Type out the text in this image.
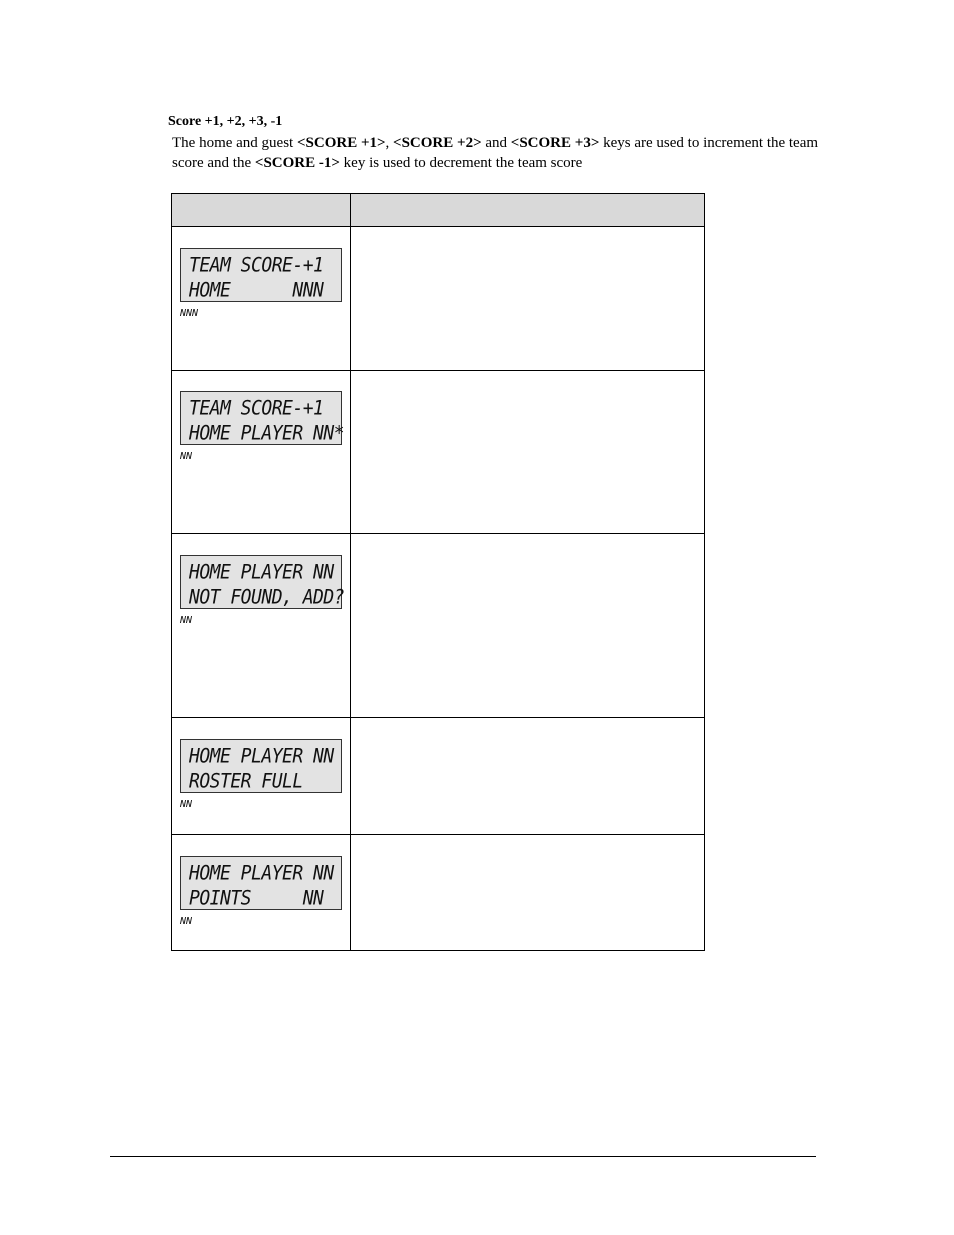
Score +1, +2, +3, -1
The home and guest <SCORE +1>, <SCORE +2> and <SCORE +3> keys are used to increment the team score and the <SCORE -1> key is used to decrement the team score
TEAM SCORE-+1
HOME      NNN
NNN
TEAM SCORE-+1
HOME PLAYER NN*
NN
HOME PLAYER NN
NOT FOUND, ADD?
NN
HOME PLAYER NN
ROSTER FULL
NN
HOME PLAYER NN
POINTS     NN
NN
